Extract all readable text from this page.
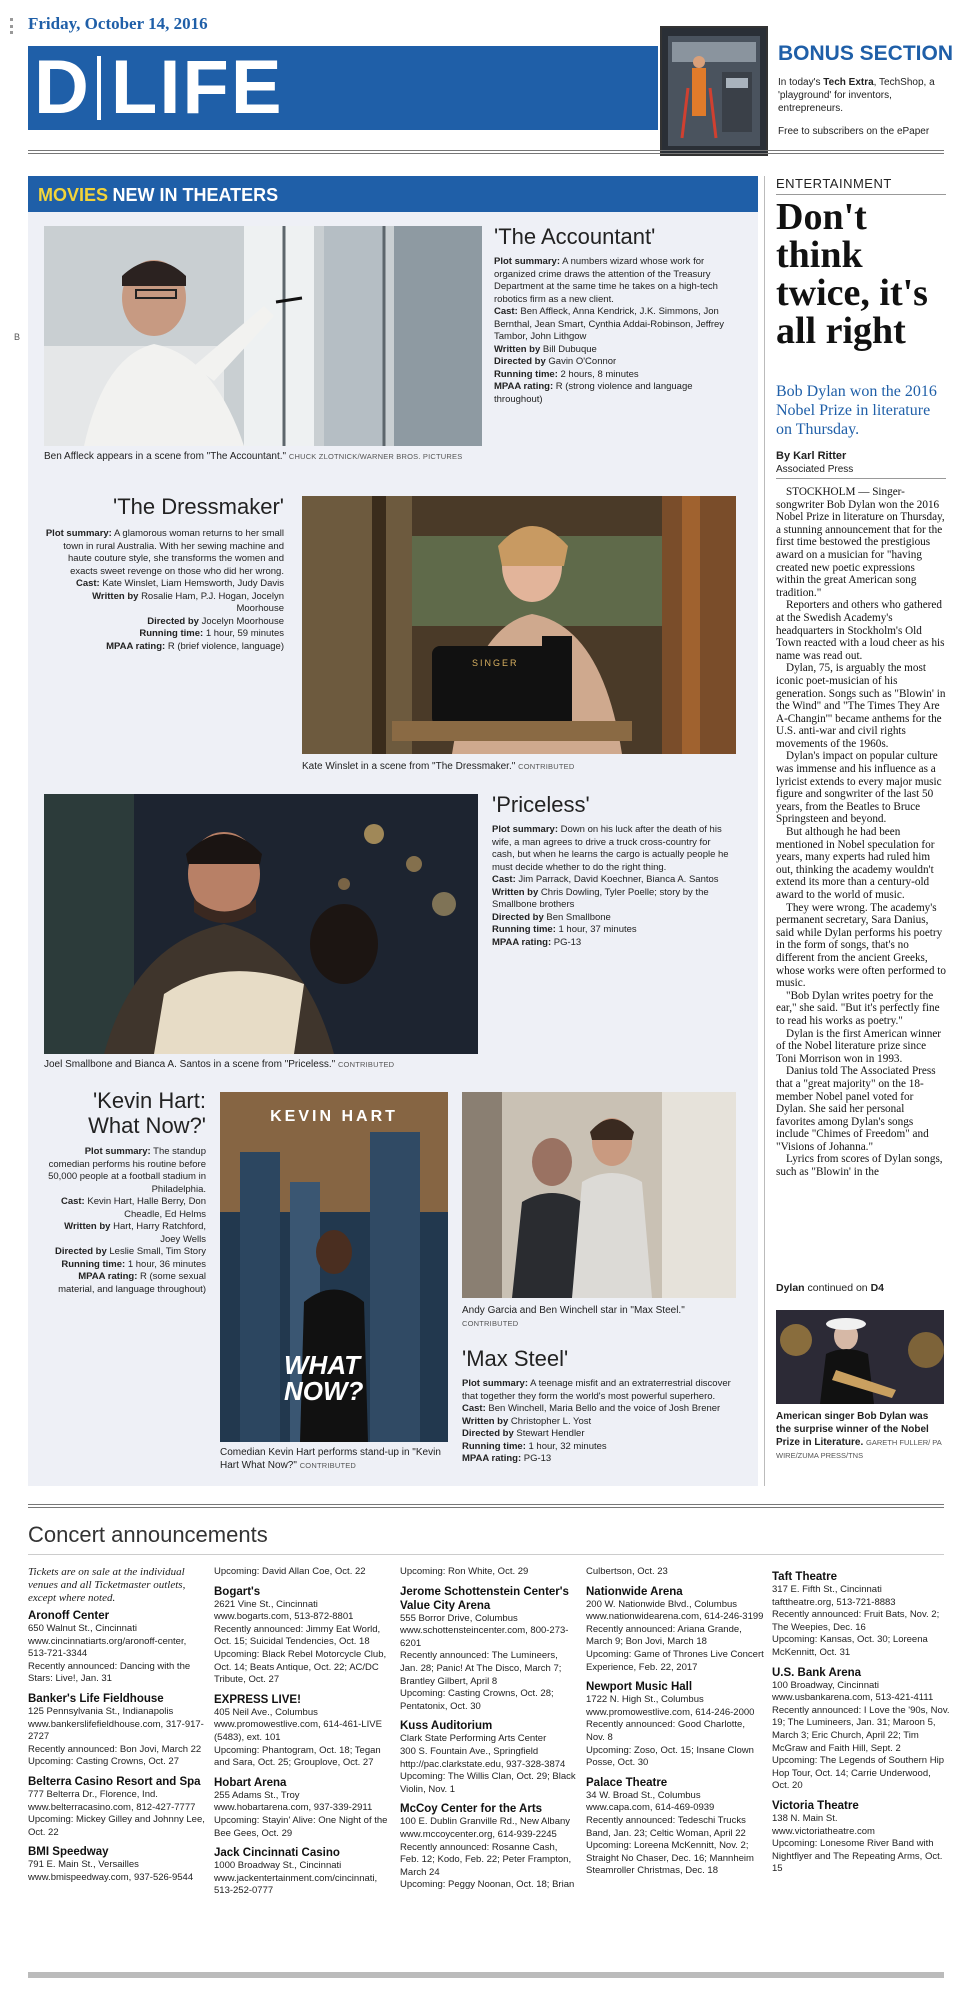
Friday, October 14, 2016
D LIFE	BONUS SECTION
In today's Tech Extra, TechShop, a 'playground' for inventors, entrepreneurs.
Free to subscribers on the ePaper
B
MOVIES NEW IN THEATERS
Ben Affleck appears in a scene from "The Accountant." CHUCK ZLOTNICK/WARNER BROS. PICTURES
'The Accountant'
Plot summary: A numbers wizard whose work for organized crime draws the attention of the Treasury Department at the same time he takes on a high-tech robotics firm as a new client.
Cast: Ben Affleck, Anna Kendrick, J.K. Simmons, Jon Bernthal, Jean Smart, Cynthia Addai-Robinson, Jeffrey Tambor, John Lithgow
Written by Bill Dubuque
Directed by Gavin O'Connor
Running time: 2 hours, 8 minutes
MPAA rating: R (strong violence and language throughout)
'The Dressmaker'
Plot summary: A glamorous woman returns to her small town in rural Australia. With her sewing machine and haute couture style, she transforms the women and exacts sweet revenge on those who did her wrong.
Cast: Kate Winslet, Liam Hemsworth, Judy Davis
Written by Rosalie Ham, P.J. Hogan, Jocelyn Moorhouse
Directed by Jocelyn Moorhouse
Running time: 1 hour, 59 minutes
MPAA rating: R (brief violence, language)
SINGER
Kate Winslet in a scene from "The Dressmaker." CONTRIBUTED
Joel Smallbone and Bianca A. Santos in a scene from "Priceless." CONTRIBUTED
'Priceless'
Plot summary: Down on his luck after the death of his wife, a man agrees to drive a truck cross-country for cash, but when he learns the cargo is actually people he must decide whether to do the right thing.
Cast: Jim Parrack, David Koechner, Bianca A. Santos
Written by Chris Dowling, Tyler Poelle; story by the Smallbone brothers
Directed by Ben Smallbone
Running time: 1 hour, 37 minutes
MPAA rating: PG-13
'Kevin Hart:
What Now?'
Plot summary: The standup comedian performs his routine before 50,000 people at a football stadium in Philadelphia.
Cast: Kevin Hart, Halle Berry, Don Cheadle, Ed Helms
Written by Hart, Harry Ratchford, Joey Wells
Directed by Leslie Small, Tim Story
Running time: 1 hour, 36 minutes
MPAA rating: R (some sexual material, and language throughout)
KEVIN HART
WHAT
NOW?
Comedian Kevin Hart performs stand-up in "Kevin Hart What Now?" CONTRIBUTED
Andy Garcia and Ben Winchell star in "Max Steel."
CONTRIBUTED
'Max Steel'
Plot summary: A teenage misfit and an extraterrestrial discover that together they form the world's most powerful superhero.
Cast: Ben Winchell, Maria Bello and the voice of Josh Brener
Written by Christopher L. Yost
Directed by Stewart Hendler
Running time: 1 hour, 32 minutes
MPAA rating: PG-13
ENTERTAINMENT
Don't think twice, it's all right
Bob Dylan won the 2016 Nobel Prize in literature on Thursday.
By Karl Ritter
Associated Press

STOCKHOLM — Singer-songwriter Bob Dylan won the 2016 Nobel Prize in literature on Thursday, a stunning announcement that for the first time bestowed the prestigious award on a musician for "having created new poetic expressions within the great American song tradition."

Reporters and others who gathered at the Swedish Academy's headquarters in Stockholm's Old Town reacted with a loud cheer as his name was read out.

Dylan, 75, is arguably the most iconic poet-musician of his generation. Songs such as "Blowin' in the Wind" and "The Times They Are A-Changin'" became anthems for the U.S. anti-war and civil rights movements of the 1960s.

Dylan's impact on popular culture was immense and his influence as a lyricist extends to every major music figure and songwriter of the last 50 years, from the Beatles to Bruce Springsteen and beyond.

But although he had been mentioned in Nobel speculation for years, many experts had ruled him out, thinking the academy wouldn't extend its more than a century-old award to the world of music.

They were wrong. The academy's permanent secretary, Sara Danius, said while Dylan performs his poetry in the form of songs, that's no different from the ancient Greeks, whose works were often performed to music.

"Bob Dylan writes poetry for the ear," she said. "But it's perfectly fine to read his works as poetry."

Dylan is the first American winner of the Nobel literature prize since Toni Morrison won in 1993.

Danius told The Associated Press that a "great majority" on the 18-member Nobel panel voted for Dylan. She said her personal favorites among Dylan's songs include "Chimes of Freedom" and "Visions of Johanna."

Lyrics from scores of Dylan songs, such as "Blowin' in the

Dylan continued on D4
American singer Bob Dylan was the surprise winner of the Nobel Prize in Literature. GARETH FULLER/ PA WIRE/ZUMA PRESS/TNS
Concert announcements
Tickets are on sale at the individual venues and all Ticketmaster outlets, except where noted.
Aronoff Center
650 Walnut St., Cincinnati
www.cincinnatiarts.org/aronoff-center, 513-721-3344
Recently announced: Dancing with the Stars: Live!, Jan. 31
Banker's Life Fieldhouse
125 Pennsylvania St., Indianapolis
www.bankerslifefieldhouse.com, 317-917-2727
Recently announced: Bon Jovi, March 22
Upcoming: Casting Crowns, Oct. 27
Belterra Casino Resort and Spa
777 Belterra Dr., Florence, Ind.
www.belterracasino.com, 812-427-7777
Upcoming: Mickey Gilley and Johnny Lee, Oct. 22
BMI Speedway
791 E. Main St., Versailles
www.bmispeedway.com, 937-526-9544
Upcoming: David Allan Coe, Oct. 22
Bogart's
2621 Vine St., Cincinnati
www.bogarts.com, 513-872-8801
Recently announced: Jimmy Eat World, Oct. 15; Suicidal Tendencies, Oct. 18
Upcoming: Black Rebel Motorcycle Club, Oct. 14; Beats Antique, Oct. 22; AC/DC Tribute, Oct. 27
EXPRESS LIVE!
405 Neil Ave., Columbus
www.promowestlive.com, 614-461-LIVE (5483), ext. 101
Upcoming: Phantogram, Oct. 18; Tegan and Sara, Oct. 25; Grouplove, Oct. 27
Hobart Arena
255 Adams St., Troy
www.hobartarena.com, 937-339-2911
Upcoming: Stayin' Alive: One Night of the Bee Gees, Oct. 29
Jack Cincinnati Casino
1000 Broadway St., Cincinnati
www.jackentertainment.com/cincinnati, 513-252-0777
Upcoming: Ron White, Oct. 29
Jerome Schottenstein Center's Value City Arena
555 Borror Drive, Columbus
www.schottensteincenter.com, 800-273-6201
Recently announced: The Lumineers, Jan. 28; Panic! At The Disco, March 7; Brantley Gilbert, April 8
Upcoming: Casting Crowns, Oct. 28; Pentatonix, Oct. 30
Kuss Auditorium
Clark State Performing Arts Center
300 S. Fountain Ave., Springfield
http://pac.clarkstate.edu, 937-328-3874
Upcoming: The Willis Clan, Oct. 29; Black Violin, Nov. 1
McCoy Center for the Arts
100 E. Dublin Granville Rd., New Albany
www.mccoycenter.org, 614-939-2245
Recently announced: Rosanne Cash, Feb. 12; Kodo, Feb. 22; Peter Frampton, March 24
Upcoming: Peggy Noonan, Oct. 18; Brian
Culbertson, Oct. 23
Nationwide Arena
200 W. Nationwide Blvd., Columbus
www.nationwidearena.com, 614-246-3199
Recently announced: Ariana Grande, March 9; Bon Jovi, March 18
Upcoming: Game of Thrones Live Concert Experience, Feb. 22, 2017
Newport Music Hall
1722 N. High St., Columbus
www.promowestlive.com, 614-246-2000
Recently announced: Good Charlotte, Nov. 8
Upcoming: Zoso, Oct. 15; Insane Clown Posse, Oct. 30
Palace Theatre
34 W. Broad St., Columbus
www.capa.com, 614-469-0939
Recently announced: Tedeschi Trucks Band, Jan. 23; Celtic Woman, April 22
Upcoming: Loreena McKennitt, Nov. 2; Straight No Chaser, Dec. 16; Mannheim Steamroller Christmas, Dec. 18
Taft Theatre
317 E. Fifth St., Cincinnati
tafttheatre.org, 513-721-8883
Recently announced: Fruit Bats, Nov. 2; The Weepies, Dec. 16
Upcoming: Kansas, Oct. 30; Loreena McKennitt, Oct. 31
U.S. Bank Arena
100 Broadway, Cincinnati
www.usbankarena.com, 513-421-4111
Recently announced: I Love the '90s, Nov. 19; The Lumineers, Jan. 31; Maroon 5, March 3; Eric Church, April 22; Tim McGraw and Faith Hill, Sept. 2
Upcoming: The Legends of Southern Hip Hop Tour, Oct. 14; Carrie Underwood, Oct. 20
Victoria Theatre
138 N. Main St.
www.victoriatheatre.com
Upcoming: Lonesome River Band with Nightflyer and The Repeating Arms, Oct. 15
